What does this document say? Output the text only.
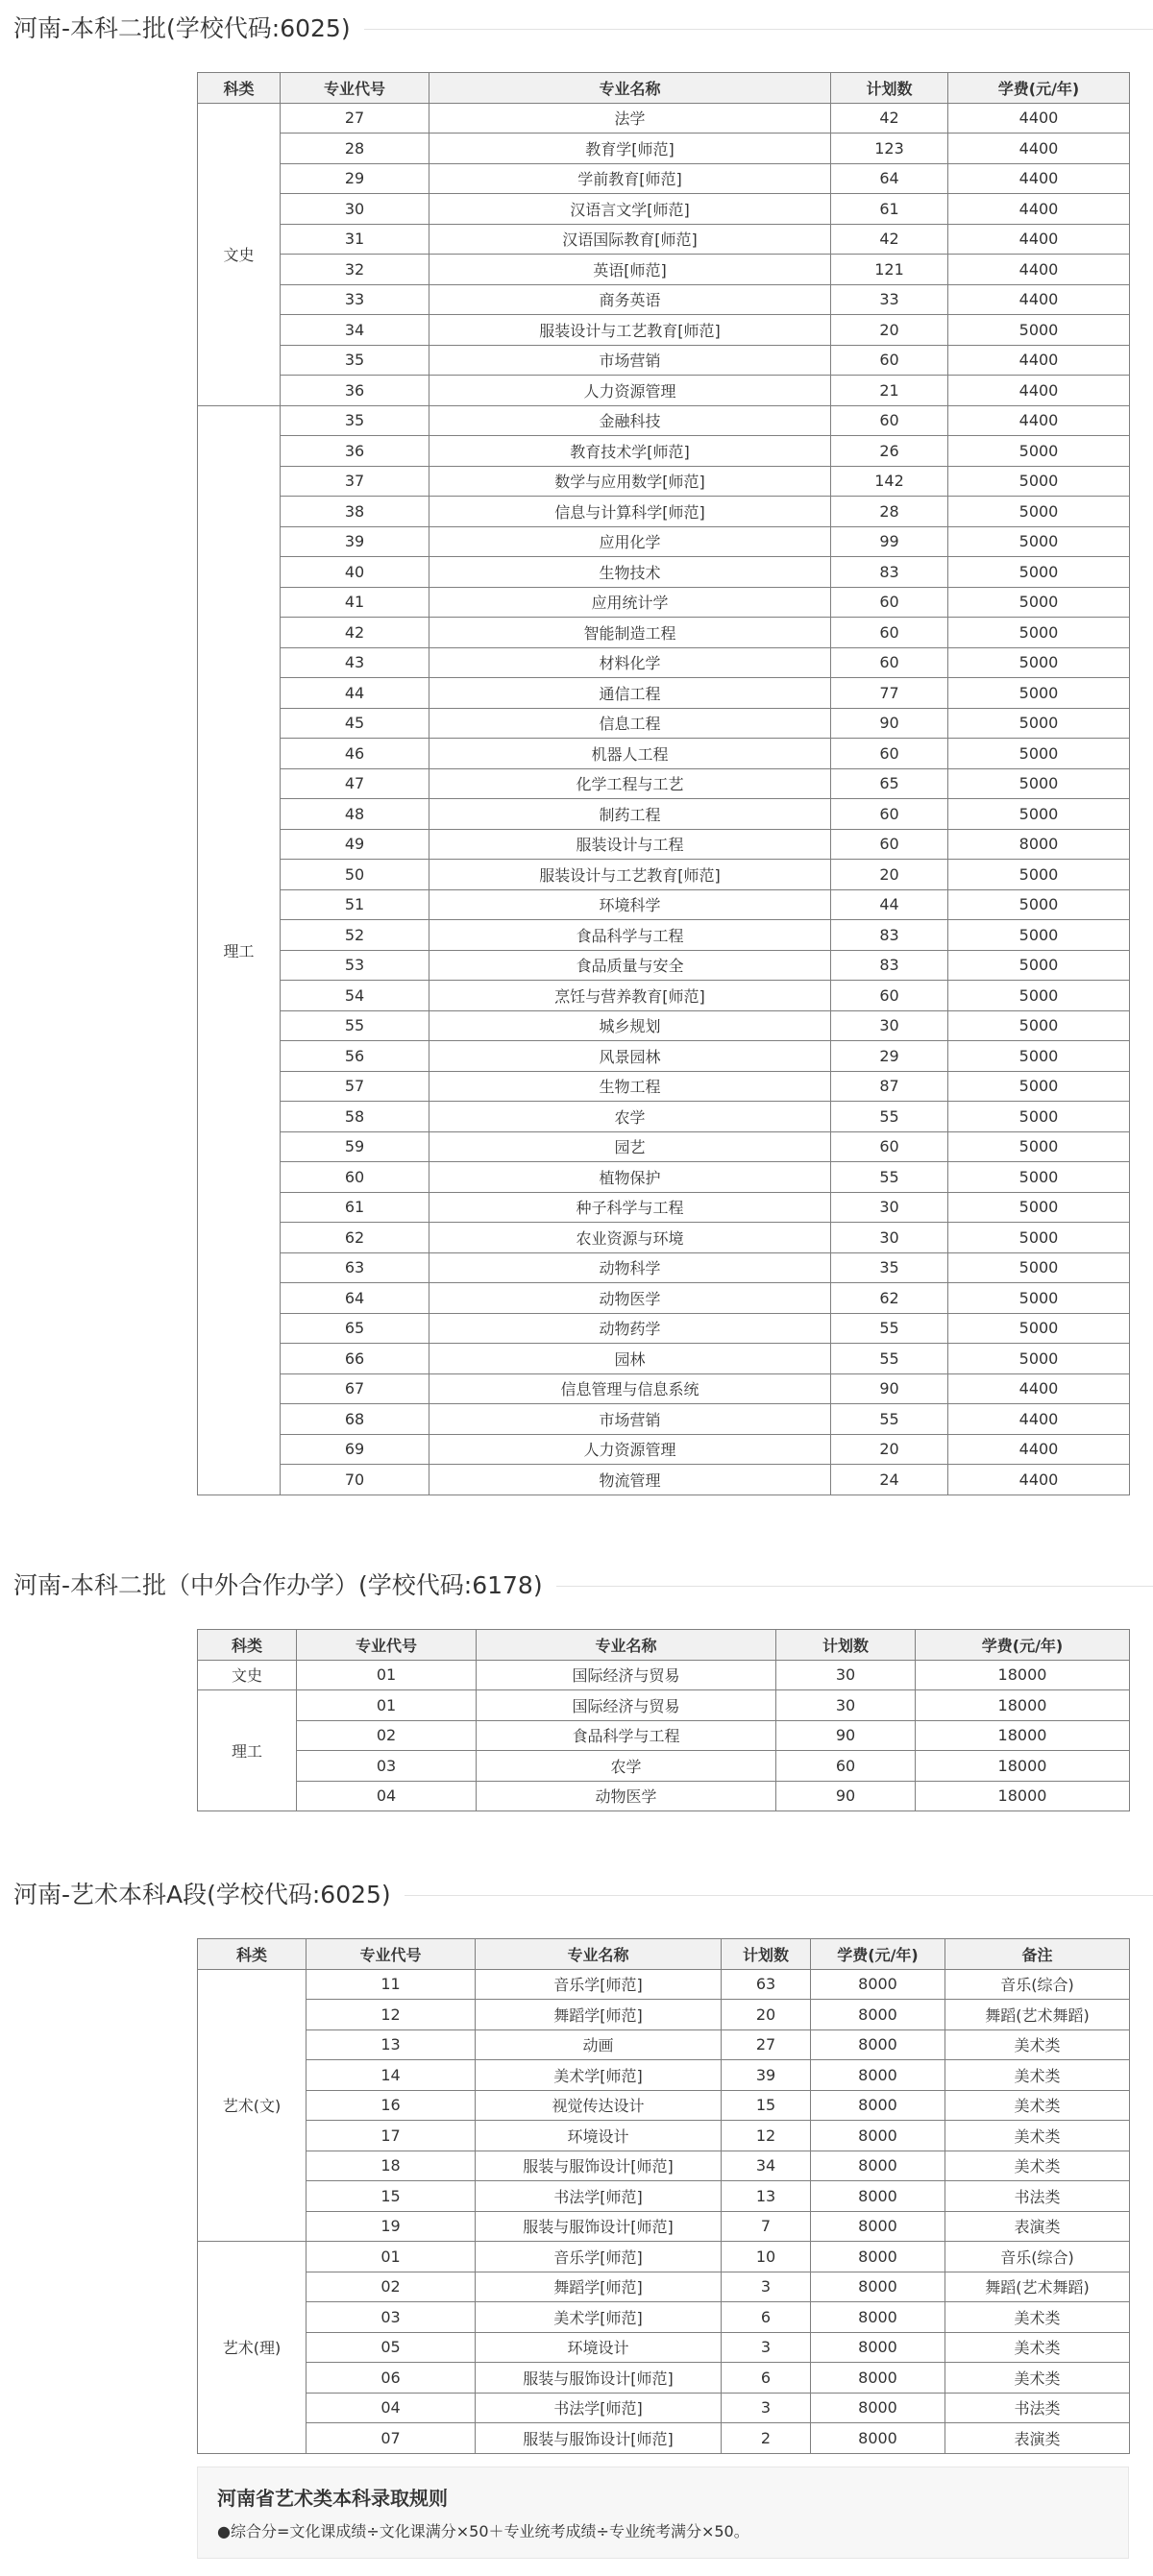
河南-本科二批(学校代码:6025)
科类	专业代号	专业名称	计划数	学费(元/年)
文史	27	法学	42	4400
	28	教育学[师范]	123	4400
	29	学前教育[师范]	64	4400
	30	汉语言文学[师范]	61	4400
	31	汉语国际教育[师范]	42	4400
	32	英语[师范]	121	4400
	33	商务英语	33	4400
	34	服装设计与工艺教育[师范]	20	5000
	35	市场营销	60	4400
	36	人力资源管理	21	4400
理工	35	金融科技	60	4400
	36	教育技术学[师范]	26	5000
	37	数学与应用数学[师范]	142	5000
	38	信息与计算科学[师范]	28	5000
	39	应用化学	99	5000
	40	生物技术	83	5000
	41	应用统计学	60	5000
	42	智能制造工程	60	5000
	43	材料化学	60	5000
	44	通信工程	77	5000
	45	信息工程	90	5000
	46	机器人工程	60	5000
	47	化学工程与工艺	65	5000
	48	制药工程	60	5000
	49	服装设计与工程	60	8000
	50	服装设计与工艺教育[师范]	20	5000
	51	环境科学	44	5000
	52	食品科学与工程	83	5000
	53	食品质量与安全	83	5000
	54	烹饪与营养教育[师范]	60	5000
	55	城乡规划	30	5000
	56	风景园林	29	5000
	57	生物工程	87	5000
	58	农学	55	5000
	59	园艺	60	5000
	60	植物保护	55	5000
	61	种子科学与工程	30	5000
	62	农业资源与环境	30	5000
	63	动物科学	35	5000
	64	动物医学	62	5000
	65	动物药学	55	5000
	66	园林	55	5000
	67	信息管理与信息系统	90	4400
	68	市场营销	55	4400
	69	人力资源管理	20	4400
	70	物流管理	24	4400
河南-本科二批（中外合作办学）(学校代码:6178)
科类	专业代号	专业名称	计划数	学费(元/年)
文史	01	国际经济与贸易	30	18000
理工	01	国际经济与贸易	30	18000
	02	食品科学与工程	90	18000
	03	农学	60	18000
	04	动物医学	90	18000
河南-艺术本科A段(学校代码:6025)
科类	专业代号	专业名称	计划数	学费(元/年)	备注
艺术(文)	11	音乐学[师范]	63	8000	音乐(综合)
	12	舞蹈学[师范]	20	8000	舞蹈(艺术舞蹈)
	13	动画	27	8000	美术类
	14	美术学[师范]	39	8000	美术类
	16	视觉传达设计	15	8000	美术类
	17	环境设计	12	8000	美术类
	18	服装与服饰设计[师范]	34	8000	美术类
	15	书法学[师范]	13	8000	书法类
	19	服装与服饰设计[师范]	7	8000	表演类
艺术(理)	01	音乐学[师范]	10	8000	音乐(综合)
	02	舞蹈学[师范]	3	8000	舞蹈(艺术舞蹈)
	03	美术学[师范]	6	8000	美术类
	05	环境设计	3	8000	美术类
	06	服装与服饰设计[师范]	6	8000	美术类
	04	书法学[师范]	3	8000	书法类
	07	服装与服饰设计[师范]	2	8000	表演类
河南省艺术类本科录取规则
●综合分=文化课成绩÷文化课满分×50＋专业统考成绩÷专业统考满分×50。
